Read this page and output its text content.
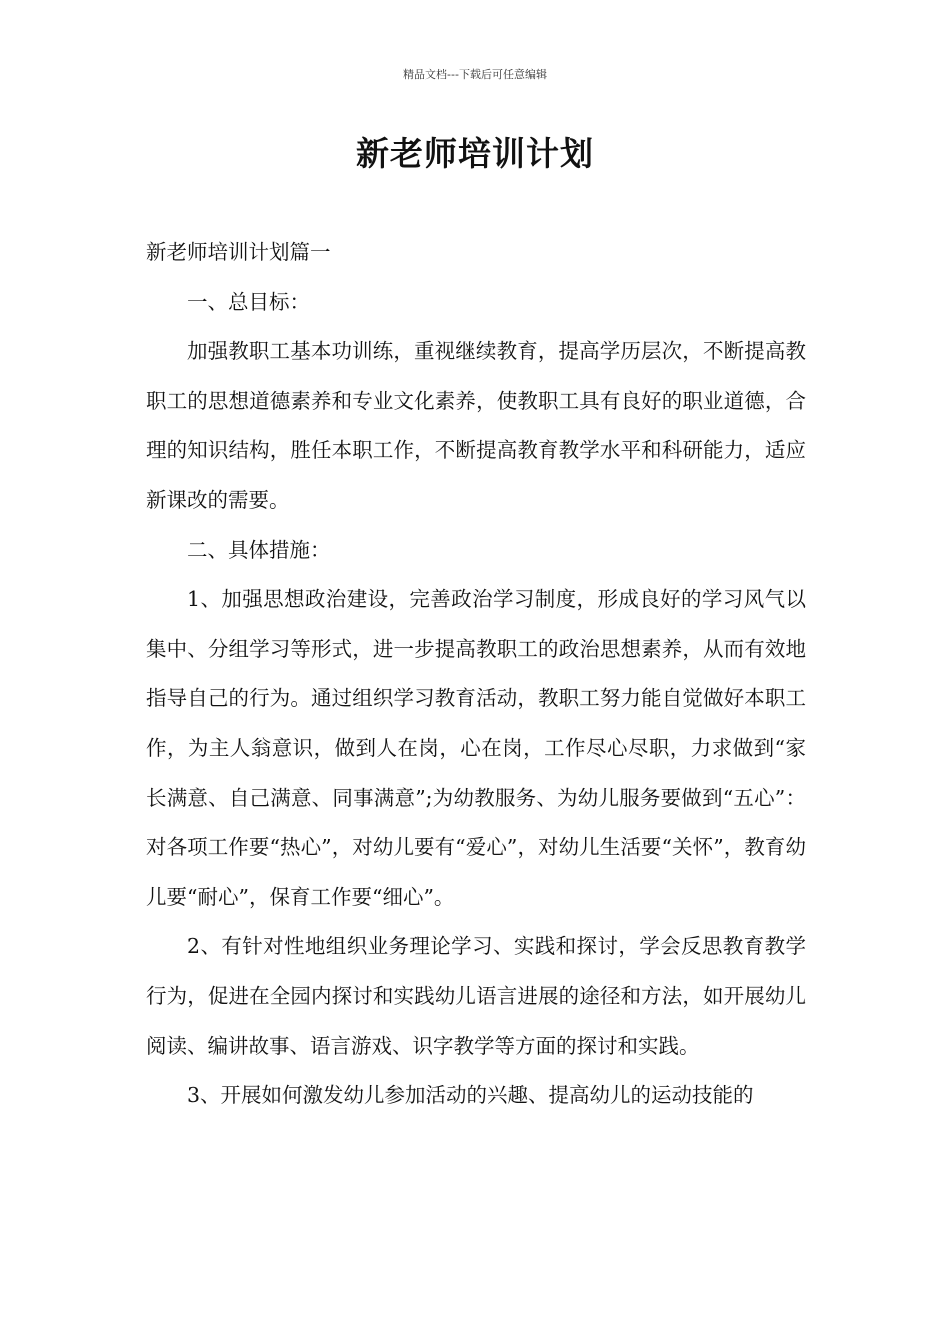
精品文档---下载后可任意编辑
新老师培训计划

新老师培训计划篇一

一、总目标：

加强教职工基本功训练，重视继续教育，提高学历层次，不断提高教职工的思想道德素养和专业文化素养，使教职工具有良好的职业道德，合理的知识结构，胜任本职工作，不断提高教育教学水平和科研能力，适应新课改的需要。

二、具体措施：

1、加强思想政治建设，完善政治学习制度，形成良好的学习风气以集中、分组学习等形式，进一步提高教职工的政治思想素养，从而有效地指导自己的行为。通过组织学习教育活动，教职工努力能自觉做好本职工作，为主人翁意识，做到人在岗，心在岗，工作尽心尽职，力求做到“家长满意、自己满意、同事满意”;为幼教服务、为幼儿服务要做到“五心”：对各项工作要“热心”，对幼儿要有“爱心”，对幼儿生活要“关怀”，教育幼儿要“耐心”，保育工作要“细心”。

2、有针对性地组织业务理论学习、实践和探讨，学会反思教育教学行为，促进在全园内探讨和实践幼儿语言进展的途径和方法，如开展幼儿阅读、编讲故事、语言游戏、识字教学等方面的探讨和实践。

3、开展如何激发幼儿参加活动的兴趣、提高幼儿的运动技能的
